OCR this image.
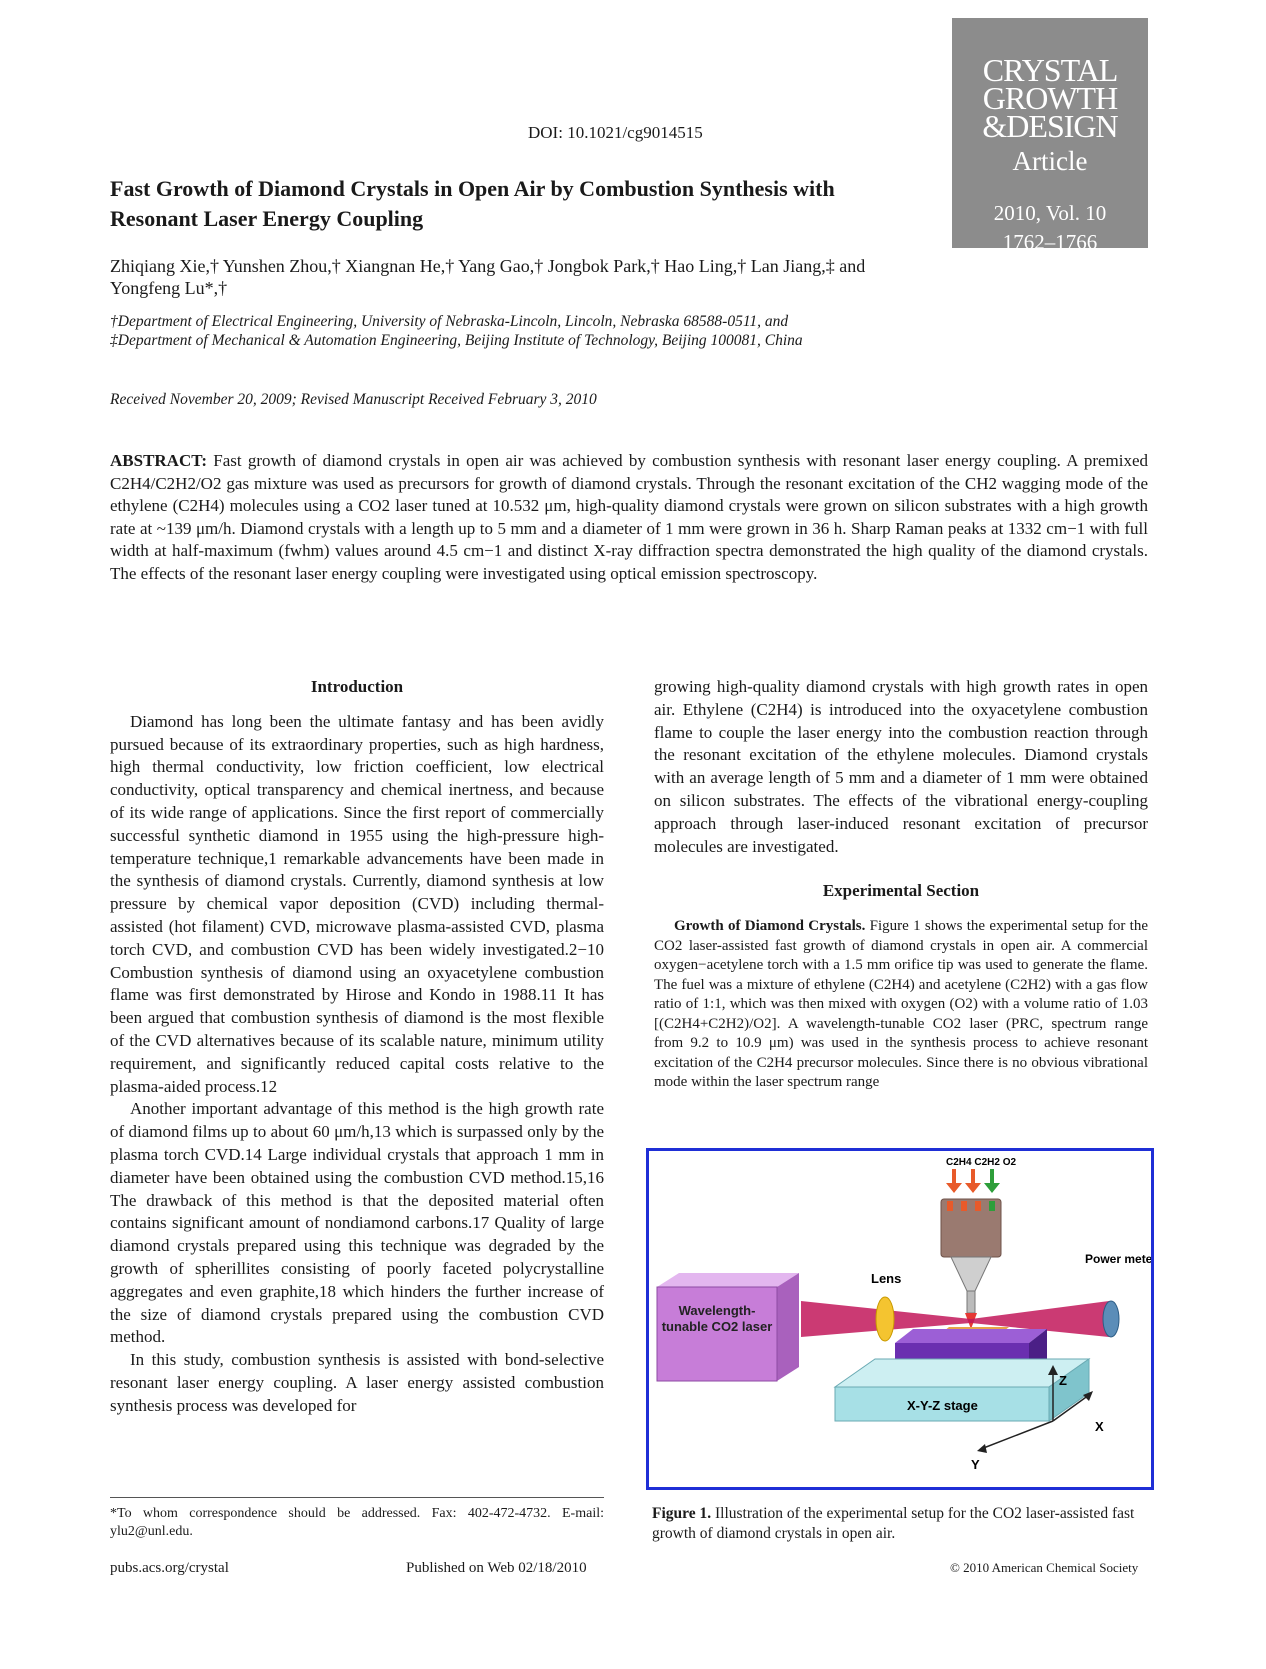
DOI: 10.1021/cg9014515
CRYSTAL
GROWTH
&DESIGN
Article
2010, Vol. 10
1762–1766
Fast Growth of Diamond Crystals in Open Air by Combustion Synthesis with Resonant Laser Energy Coupling
Zhiqiang Xie,† Yunshen Zhou,† Xiangnan He,† Yang Gao,† Jongbok Park,† Hao Ling,† Lan Jiang,‡ and Yongfeng Lu*,†
†Department of Electrical Engineering, University of Nebraska-Lincoln, Lincoln, Nebraska 68588-0511, and ‡Department of Mechanical & Automation Engineering, Beijing Institute of Technology, Beijing 100081, China
Received November 20, 2009; Revised Manuscript Received February 3, 2010
ABSTRACT: Fast growth of diamond crystals in open air was achieved by combustion synthesis with resonant laser energy coupling. A premixed C2H4/C2H2/O2 gas mixture was used as precursors for growth of diamond crystals. Through the resonant excitation of the CH2 wagging mode of the ethylene (C2H4) molecules using a CO2 laser tuned at 10.532 μm, high-quality diamond crystals were grown on silicon substrates with a high growth rate at ~139 μm/h. Diamond crystals with a length up to 5 mm and a diameter of 1 mm were grown in 36 h. Sharp Raman peaks at 1332 cm−1 with full width at half-maximum (fwhm) values around 4.5 cm−1 and distinct X-ray diffraction spectra demonstrated the high quality of the diamond crystals. The effects of the resonant laser energy coupling were investigated using optical emission spectroscopy.
Introduction

Diamond has long been the ultimate fantasy and has been avidly pursued because of its extraordinary properties, such as high hardness, high thermal conductivity, low friction coefficient, low electrical conductivity, optical transparency and chemical inertness, and because of its wide range of applications. Since the first report of commercially successful synthetic diamond in 1955 using the high-pressure high-temperature technique,1 remarkable advancements have been made in the synthesis of diamond crystals. Currently, diamond synthesis at low pressure by chemical vapor deposition (CVD) including thermal-assisted (hot filament) CVD, microwave plasma-assisted CVD, plasma torch CVD, and combustion CVD has been widely investigated.2−10 Combustion synthesis of diamond using an oxyacetylene combustion flame was first demonstrated by Hirose and Kondo in 1988.11 It has been argued that combustion synthesis of diamond is the most flexible of the CVD alternatives because of its scalable nature, minimum utility requirement, and significantly reduced capital costs relative to the plasma-aided process.12

Another important advantage of this method is the high growth rate of diamond films up to about 60 μm/h,13 which is surpassed only by the plasma torch CVD.14 Large individual crystals that approach 1 mm in diameter have been obtained using the combustion CVD method.15,16 The drawback of this method is that the deposited material often contains significant amount of nondiamond carbons.17 Quality of large diamond crystals prepared using this technique was degraded by the growth of spherillites consisting of poorly faceted polycrystalline aggregates and even graphite,18 which hinders the further increase of the size of diamond crystals prepared using the combustion CVD method.

In this study, combustion synthesis is assisted with bond-selective resonant laser energy coupling. A laser energy assisted combustion synthesis process was developed for

growing high-quality diamond crystals with high growth rates in open air. Ethylene (C2H4) is introduced into the oxyacetylene combustion flame to couple the laser energy into the combustion reaction through the resonant excitation of the ethylene molecules. Diamond crystals with an average length of 5 mm and a diameter of 1 mm were obtained on silicon substrates. The effects of the vibrational energy-coupling approach through laser-induced resonant excitation of precursor molecules are investigated.

Experimental Section
Growth of Diamond Crystals. Figure 1 shows the experimental setup for the CO2 laser-assisted fast growth of diamond crystals in open air. A commercial oxygen−acetylene torch with a 1.5 mm orifice tip was used to generate the flame. The fuel was a mixture of ethylene (C2H4) and acetylene (C2H2) with a gas flow ratio of 1:1, which was then mixed with oxygen (O2) with a volume ratio of 1.03 [(C2H4+C2H2)/O2]. A wavelength-tunable CO2 laser (PRC, spectrum range from 9.2 to 10.9 μm) was used in the synthesis process to achieve resonant excitation of the C2H4 precursor molecules. Since there is no obvious vibrational mode within the laser spectrum range
C2H4 C2H2 O2
Lens
Power meter
Wavelength-tunable CO2 laser
X-Y-Z stage
Z
X
Y
Figure 1. Illustration of the experimental setup for the CO2 laser-assisted fast growth of diamond crystals in open air.
*To whom correspondence should be addressed. Fax: 402-472-4732. E-mail: ylu2@unl.edu.
pubs.acs.org/crystal	Published on Web 02/18/2010	© 2010 American Chemical Society
